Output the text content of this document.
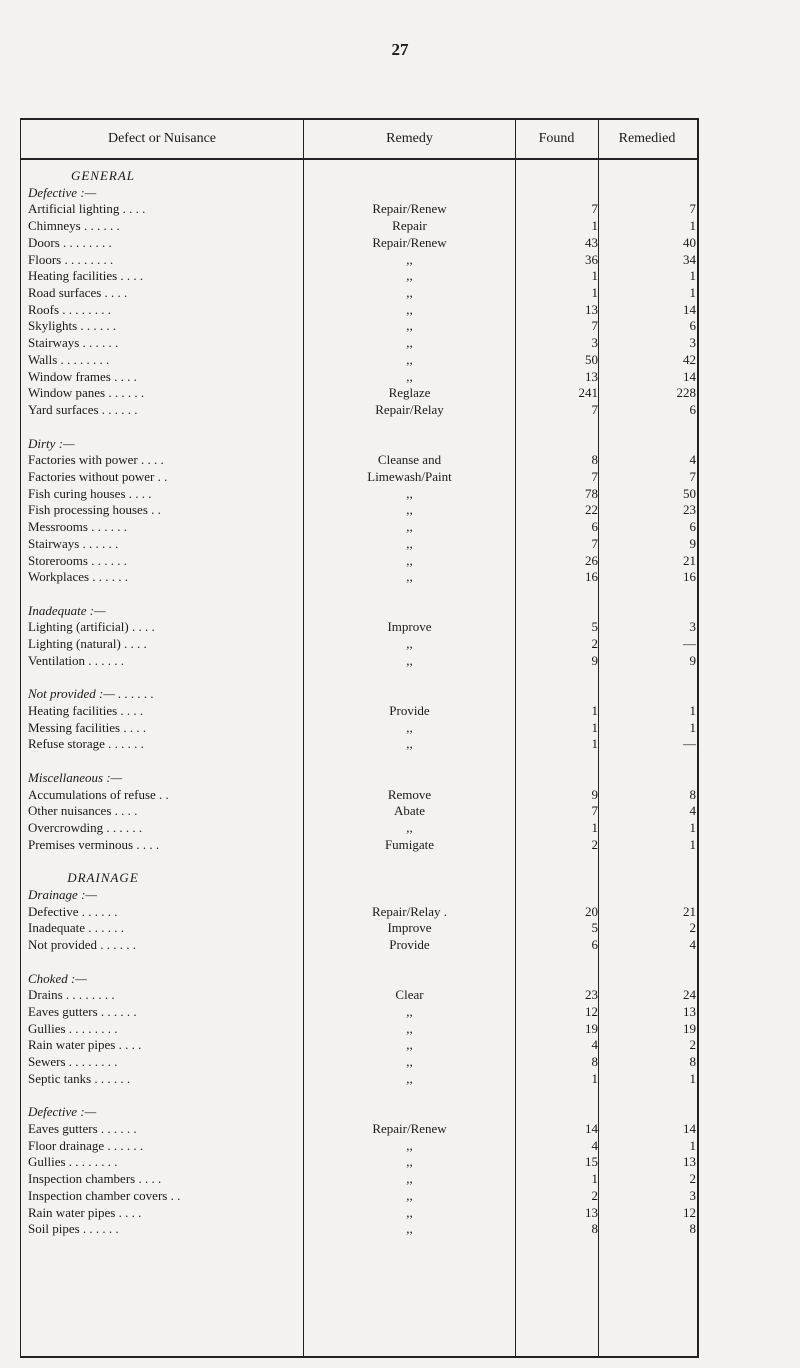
27
Defect or Nuisance	Remedy	Found	Remedied
GENERAL
Defective :—
Artificial lighting . . . .	Repair/Renew	7	7
Chimneys . . . . . .	Repair	1	1
Doors . . . . . . . .	Repair/Renew	43	40
Floors . . . . . . . .	,,	36	34
Heating facilities . . . .	,,	1	1
Road surfaces . . . .	,,	1	1
Roofs . . . . . . . .	,,	13	14
Skylights . . . . . .	,,	7	6
Stairways . . . . . .	,,	3	3
Walls . . . . . . . .	,,	50	42
Window frames . . . .	,,	13	14
Window panes . . . . . .	Reglaze	241	228
Yard surfaces . . . . . .	Repair/Relay	7	6
Dirty :—
Factories with power . . . .	Cleanse and	8	4
Factories without power . .	Limewash/Paint	7	7
Fish curing houses . . . .	,,	78	50
Fish processing houses . .	,,	22	23
Messrooms . . . . . .	,,	6	6
Stairways . . . . . .	,,	7	9
Storerooms . . . . . .	,,	26	21
Workplaces . . . . . .	,,	16	16
Inadequate :—
Lighting (artificial) . . . .	Improve	5	3
Lighting (natural) . . . .	,,	2	—
Ventilation . . . . . .	,,	9	9
Not provided :— . . . . . .
Heating facilities . . . .	Provide	1	1
Messing facilities . . . .	,,	1	1
Refuse storage . . . . . .	,,	1	—
Miscellaneous :—
Accumulations of refuse . .	Remove	9	8
Other nuisances . . . .	Abate	7	4
Overcrowding . . . . . .	,,	1	1
Premises verminous . . . .	Fumigate	2	1
DRAINAGE
Drainage :—
Defective . . . . . .	Repair/Relay .	20	21
Inadequate . . . . . .	Improve	5	2
Not provided . . . . . .	Provide	6	4
Choked :—
Drains . . . . . . . .	Clear	23	24
Eaves gutters . . . . . .	,,	12	13
Gullies . . . . . . . .	,,	19	19
Rain water pipes . . . .	,,	4	2
Sewers . . . . . . . .	,,	8	8
Septic tanks . . . . . .	,,	1	1
Defective :—
Eaves gutters . . . . . .	Repair/Renew	14	14
Floor drainage . . . . . .	,,	4	1
Gullies . . . . . . . .	,,	15	13
Inspection chambers . . . .	,,	1	2
Inspection chamber covers . .	,,	2	3
Rain water pipes . . . .	,,	13	12
Soil pipes . . . . . .	,,	8	8
